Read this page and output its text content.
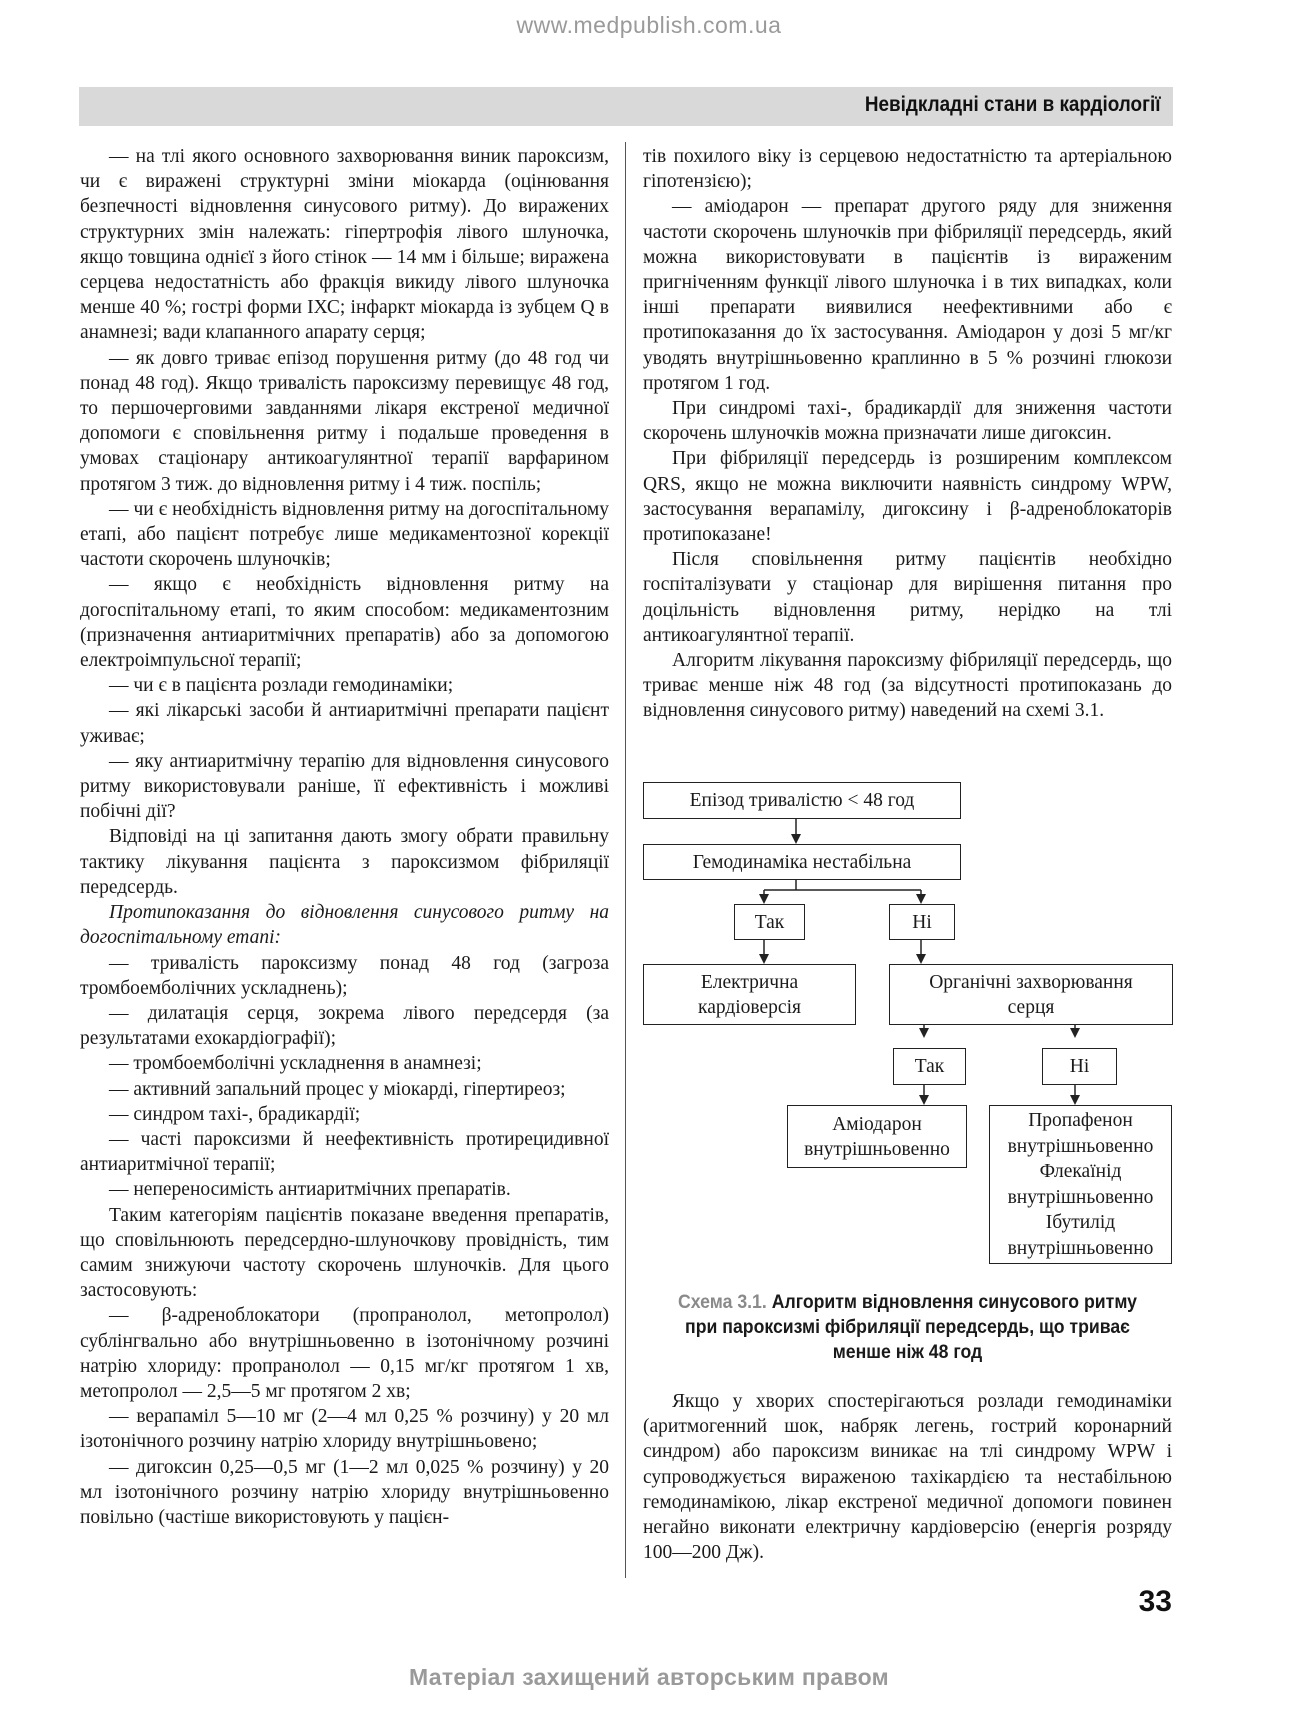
www.medpublish.com.ua
Невідкладні стани в кардіології

— на тлі якого основного захворювання виник пароксизм, чи є виражені структурні зміни міокарда (оцінювання безпечності відновлення синусового ритму). До виражених структурних змін належать: гіпертрофія лівого шлуночка, якщо товщина однієї з його стінок — 14 мм і більше; виражена серцева недостатність або фракція викиду лівого шлуночка менше 40 %; гострі форми ІХС; інфаркт міокарда із зубцем Q в анамнезі; вади клапанного апарату серця;

— як довго триває епізод порушення ритму (до 48 год чи понад 48 год). Якщо тривалість пароксизму перевищує 48 год, то першочерговими завданнями лікаря екстреної медичної допомоги є сповільнення ритму і подальше проведення в умовах стаціонару антикоагулянтної терапії варфарином протягом 3 тиж. до відновлення ритму і 4 тиж. поспіль;

— чи є необхідність відновлення ритму на догоспітальному етапі, або пацієнт потребує лише медикаментозної корекції частоти скорочень шлуночків;

— якщо є необхідність відновлення ритму на догоспітальному етапі, то яким способом: медикаментозним (призначення антиаритмічних препаратів) або за допомогою електроімпульсної терапії;

— чи є в пацієнта розлади гемодинаміки;

— які лікарські засоби й антиаритмічні препарати пацієнт уживає;

— яку антиаритмічну терапію для відновлення синусового ритму використовували раніше, її ефективність і можливі побічні дії?

Відповіді на ці запитання дають змогу обрати правильну тактику лікування пацієнта з пароксизмом фібриляції передсердь.

Протипоказання до відновлення синусового ритму на догоспітальному етапі:

— тривалість пароксизму понад 48 год (загроза тромбоемболічних ускладнень);

— дилатація серця, зокрема лівого передсердя (за результатами ехокардіографії);

— тромбоемболічні ускладнення в анамнезі;

— активний запальний процес у міокарді, гіпертиреоз;

— синдром тахі-, брадикардії;

— часті пароксизми й неефективність протирецидивної антиаритмічної терапії;

— непереносимість антиаритмічних препаратів.

Таким категоріям пацієнтів показане введення препаратів, що сповільнюють передсердно-шлуночкову провідність, тим самим знижуючи частоту скорочень шлуночків. Для цього застосовують:

— β-адреноблокатори (пропранолол, метопролол) сублінгвально або внутрішньовенно в ізотонічному розчині натрію хлориду: пропранолол — 0,15 мг/кг протягом 1 хв, метопролол — 2,5—5 мг протягом 2 хв;

— верапаміл 5—10 мг (2—4 мл 0,25 % розчину) у 20 мл ізотонічного розчину натрію хлориду внутрішньовено;

— дигоксин 0,25—0,5 мг (1—2 мл 0,025 % розчину) у 20 мл ізотонічного розчину натрію хлориду внутрішньовенно повільно (частіше використовують у пацієн-

тів похилого віку із серцевою недостатністю та артеріальною гіпотензією);

— аміодарон — препарат другого ряду для зниження частоти скорочень шлуночків при фібриляції передсердь, який можна використовувати в пацієнтів із вираженим пригніченням функції лівого шлуночка і в тих випадках, коли інші препарати виявилися неефективними або є протипоказання до їх застосування. Аміодарон у дозі 5 мг/кг уводять внутрішньовенно краплинно в 5 % розчині глюкози протягом 1 год.

При синдромі тахі-, брадикардії для зниження частоти скорочень шлуночків можна призначати лише дигоксин.

При фібриляції передсердь із розширеним комплексом QRS, якщо не можна виключити наявність синдрому WPW, застосування верапамілу, дигоксину і β-адреноблокаторів протипоказане!

Після сповільнення ритму пацієнтів необхідно госпіталізувати у стаціонар для вирішення питання про доцільність відновлення ритму, нерідко на тлі антикоагулянтної терапії.

Алгоритм лікування пароксизму фібриляції передсердь, що триває менше ніж 48 год (за відсутності протипоказань до відновлення синусового ритму) наведений на схемі 3.1.

Епізод тривалістю < 48 год
Гемодинаміка нестабільна
Так	Ні
Електрична
кардіоверсія
Органічні захворювання
серця
Так	Ні
Аміодарон
внутрішньовенно
Пропафенон
внутрішньовенно
Флекаїнід
внутрішньовенно
Ібутилід
внутрішньовенно
Схема 3.1. Алгоритм відновлення синусового ритму при пароксизмі фібриляції передсердь, що триває менше ніж 48 год

Якщо у хворих спостерігаються розлади гемодинаміки (аритмогенний шок, набряк легень, гострий коронарний синдром) або пароксизм виникає на тлі синдрому WPW і супроводжується вираженою тахікардією та нестабільною гемодинамікою, лікар екстреної медичної допомоги повинен негайно виконати електричну кардіоверсію (енергія розряду 100—200 Дж).

33
Матеріал захищений авторським правом
